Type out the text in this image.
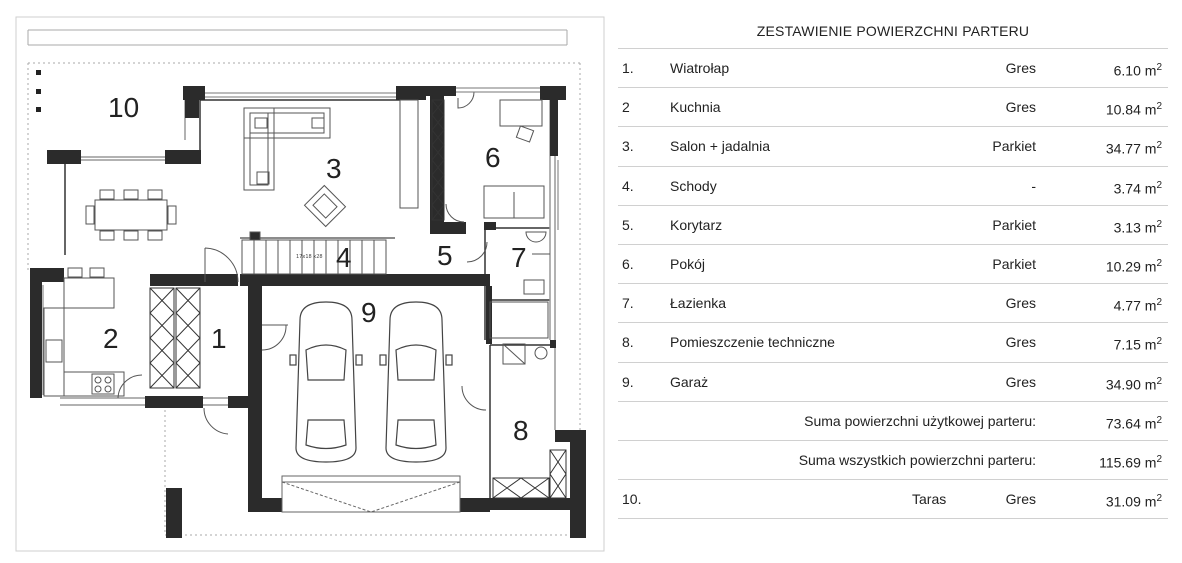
17x18 x28
10
3	6
2	1
4	5 7
9
8
ZESTAWIENIE POWIERZCHNI PARTERU
1.	Wiatrołap	Gres	6.10 $m^2$
2	Kuchnia	Gres	10.84 $m^2$
3.	Salon + jadalnia	Parkiet	34.77 $m^2$
4.	Schody	-	3.74 $m^2$
5.	Korytarz	Parkiet	3.13 $m^2$
6.	Pokój	Parkiet	10.29 $m^2$
7.	Łazienka	Gres	4.77 $m^2$
8.	Pomieszczenie techniczne	Gres	7.15 $m^2$
9.	Garaż	Gres	34.90 $m^2$
Suma powierzchni użytkowej parteru:	73.64 $m^2$
Suma wszystkich powierzchni parteru:	115.69 $m^2$
10.	Taras	Gres	31.09 $m^2$
